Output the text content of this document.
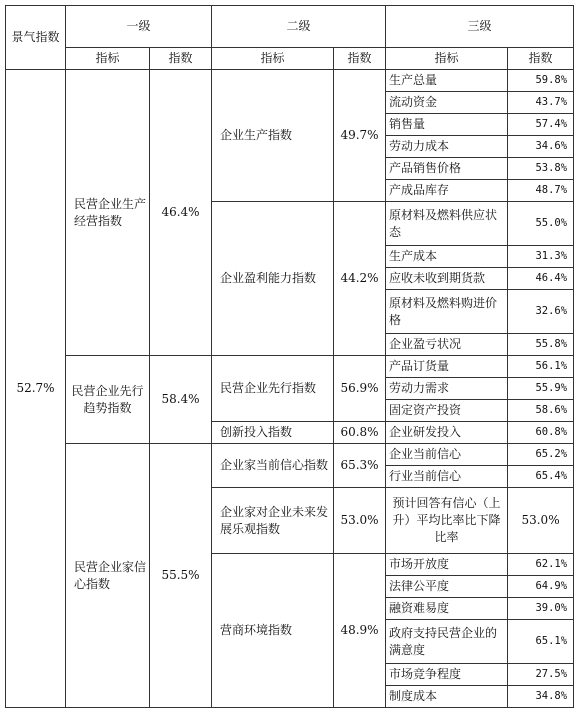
景气指数	一级		二级		三级	
	指标	指数	指标	指数	指标	指数
52.7%	民营企业生产经营指数	46.4%	企业生产指数	49.7%	生产总量	59.8%
					流动资金	43.7%
					销售量	57.4%
					劳动力成本	34.6%
					产品销售价格	53.8%
					产成品库存	48.7%
			企业盈利能力指数	44.2%	原材料及燃料供应状态	55.0%
					生产成本	31.3%
					应收未收到期货款	46.4%
					原材料及燃料购进价格	32.6%
					企业盈亏状况	55.8%
	民营企业先行趋势指数	58.4%	民营企业先行指数	56.9%	产品订货量	56.1%
					劳动力需求	55.9%
					固定资产投资	58.6%
			创新投入指数	60.8%	企业研发投入	60.8%
	民营企业家信心指数	55.5%	企业家当前信心指数	65.3%	企业当前信心	65.2%
					行业当前信心	65.4%
			企业家对企业未来发展乐观指数	53.0%	预计回答有信心（上升）平均比率比下降比率	53.0%
			营商环境指数	48.9%	市场开放度	62.1%
					法律公平度	64.9%
					融资难易度	39.0%
					政府支持民营企业的满意度	65.1%
					市场竞争程度	27.5%
					制度成本	34.8%
